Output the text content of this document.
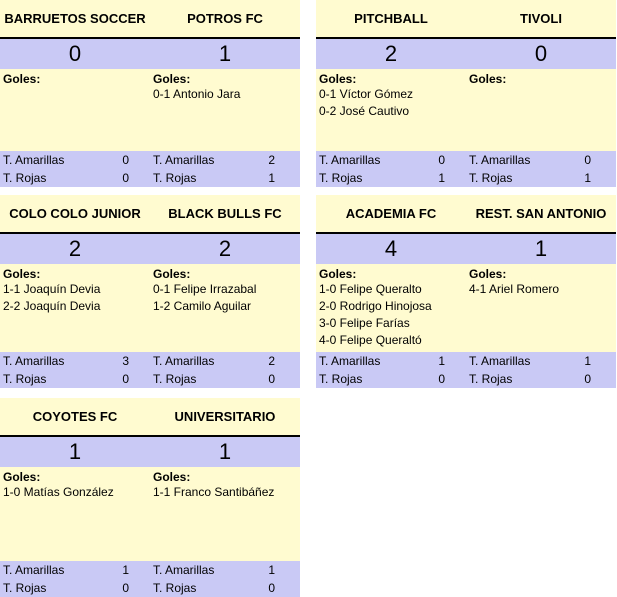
BARRUETOS SOCCER	POTROS FC
0	1
Goles:	Goles:
0-1 Antonio Jara
T. Amarillas	0
T. Rojas	0
T. Amarillas	2
T. Rojas	1
PITCHBALL	TIVOLI
2	0
Goles:
0-1 Víctor Gómez
0-2 José Cautivo
Goles:
T. Amarillas	0
T. Rojas	1
T. Amarillas	0
T. Rojas	1
COLO COLO JUNIOR	BLACK BULLS FC
2	2
Goles:
1-1 Joaquín Devia
2-2 Joaquín Devia
Goles:
0-1 Felipe Irrazabal
1-2 Camilo Aguilar
T. Amarillas	3
T. Rojas	0
T. Amarillas	2
T. Rojas	0
ACADEMIA FC	REST. SAN ANTONIO
4	1
Goles:
1-0 Felipe Queralto
2-0 Rodrigo Hinojosa
3-0 Felipe Farías
4-0 Felipe Queraltó
Goles:
4-1 Ariel Romero
T. Amarillas	1
T. Rojas	0
T. Amarillas	1
T. Rojas	0
COYOTES FC	UNIVERSITARIO
1	1
Goles:
1-0 Matías González
Goles:
1-1 Franco Santibáñez
T. Amarillas	1
T. Rojas	0
T. Amarillas	1
T. Rojas	0
